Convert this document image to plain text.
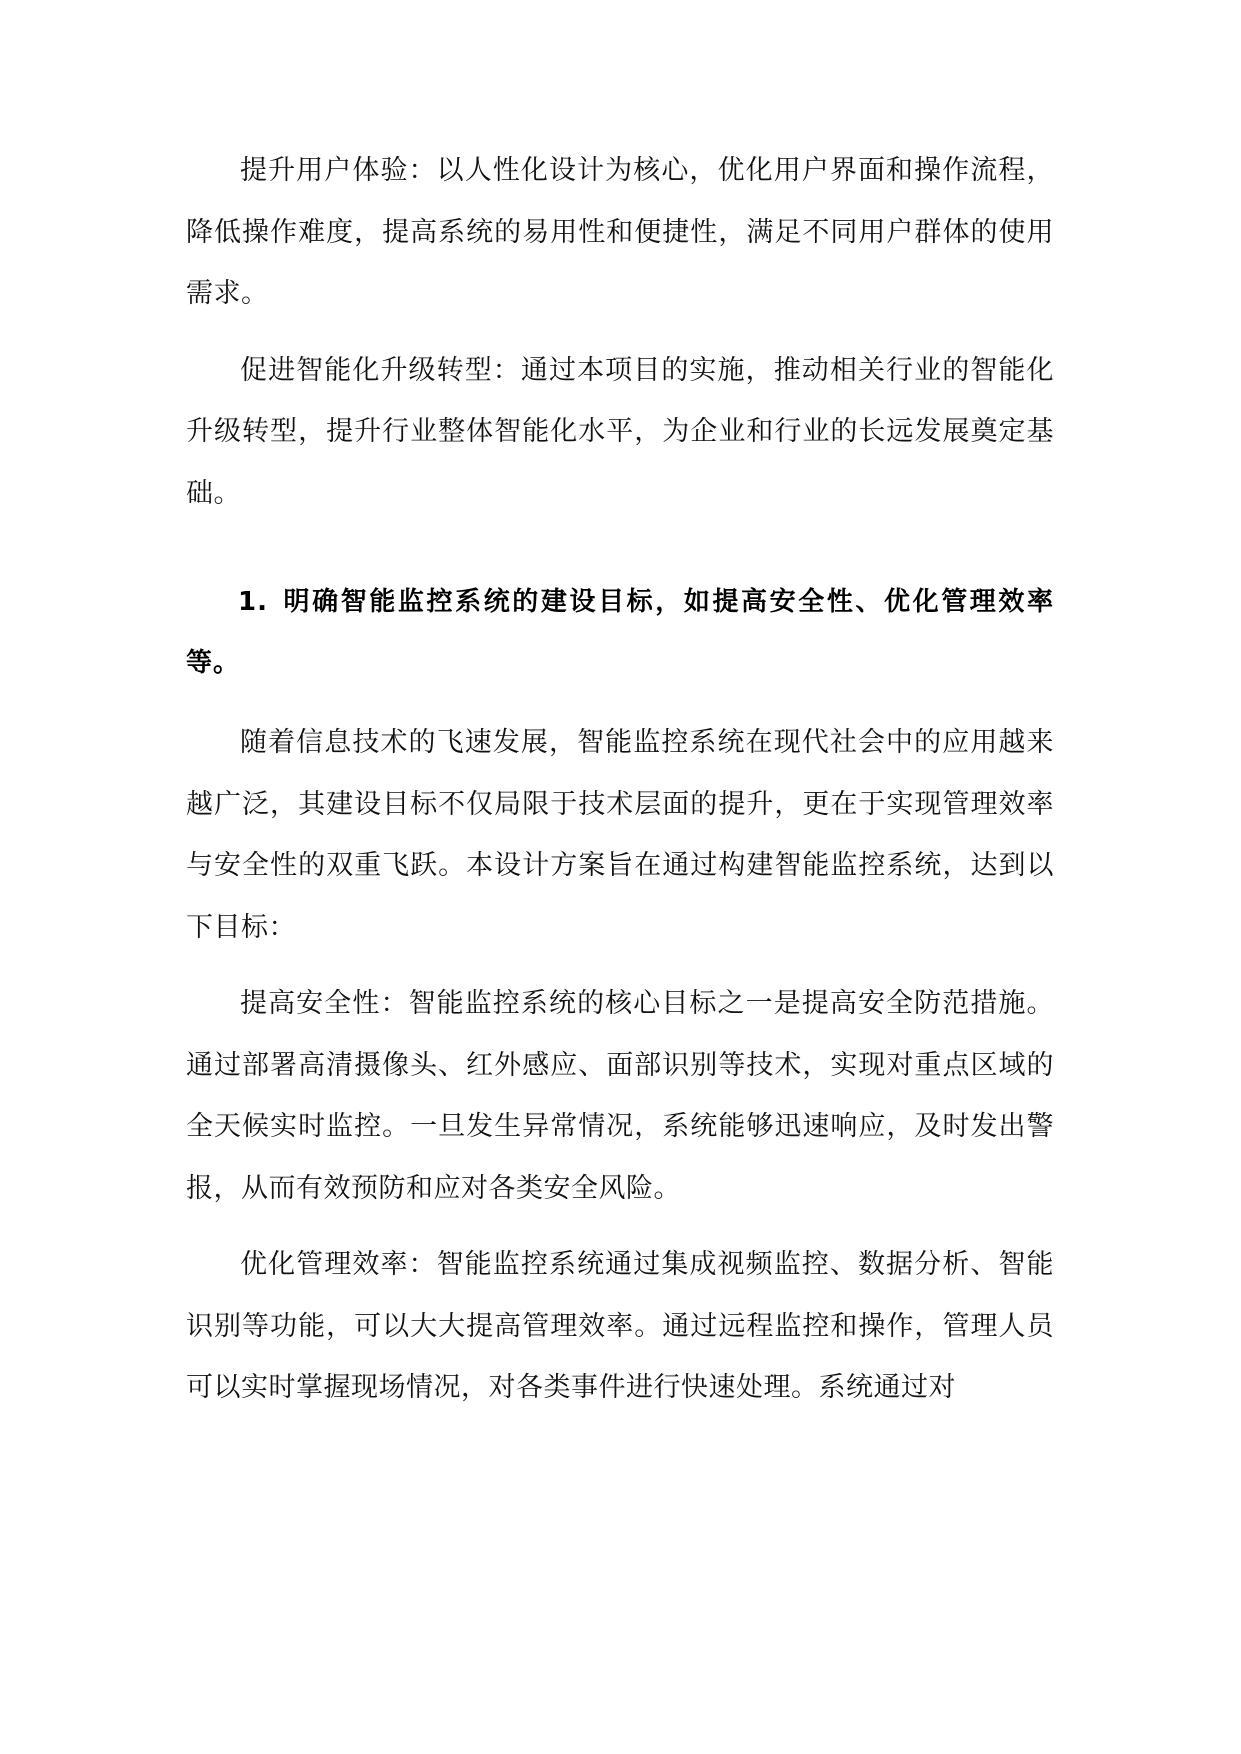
提升用户体验：以人性化设计为核心，优化用户界面和操作流程，降低操作难度，提高系统的易用性和便捷性，满足不同用户群体的使用需求。

促进智能化升级转型：通过本项目的实施，推动相关行业的智能化升级转型，提升行业整体智能化水平，为企业和行业的长远发展奠定基础。

1. 明确智能监控系统的建设目标，如提高安全性、优化管理效率等。

随着信息技术的飞速发展，智能监控系统在现代社会中的应用越来越广泛，其建设目标不仅局限于技术层面的提升，更在于实现管理效率与安全性的双重飞跃。本设计方案旨在通过构建智能监控系统，达到以下目标：

提高安全性：智能监控系统的核心目标之一是提高安全防范措施。通过部署高清摄像头、红外感应、面部识别等技术，实现对重点区域的全天候实时监控。一旦发生异常情况，系统能够迅速响应，及时发出警报，从而有效预防和应对各类安全风险。

优化管理效率：智能监控系统通过集成视频监控、数据分析、智能识别等功能，可以大大提高管理效率。通过远程监控和操作，管理人员可以实时掌握现场情况，对各类事件进行快速处理。系统通过对
